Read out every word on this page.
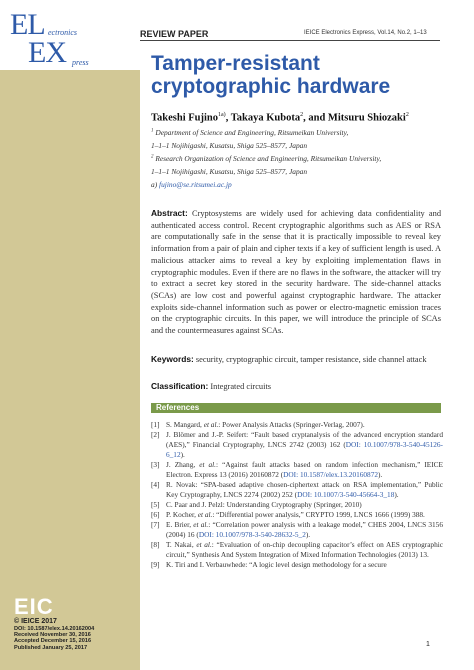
EL ectronics
EX press
EIC
© IEICE 2017
DOI: 10.1587/elex.14.20162004
Received November 30, 2016
Accepted December 15, 2016
Published January 25, 2017
REVIEW PAPER	IEICE Electronics Express, Vol.14, No.2, 1–13
Tamper-resistant cryptographic hardware
Takeshi Fujino$^{1a)}$, Takaya Kubota$^2$, and Mitsuru Shiozaki$^2$
$^1$ Department of Science and Engineering, Ritsumeikan University,
1–1–1 Nojihigashi, Kusatsu, Shiga 525–8577, Japan
$^2$ Research Organization of Science and Engineering, Ritsumeikan University,
1–1–1 Nojihigashi, Kusatsu, Shiga 525–8577, Japan
a) fujino@se.ritsumei.ac.jp
Abstract: Cryptosystems are widely used for achieving data confidentiality and authenticated access control. Recent cryptographic algorithms such as AES or RSA are computationally safe in the sense that it is practically impossible to reveal key information from a pair of plain and cipher texts if a key of sufficient length is used. A malicious attacker aims to reveal a key by exploiting implementation flaws in cryptographic modules. Even if there are no flaws in the software, the attacker will try to extract a secret key stored in the security hardware. The side-channel attacks (SCAs) are low cost and powerful against cryptographic hardware. The attacker exploits side-channel information such as power or electro-magnetic emission traces on the cryptographic circuits. In this paper, we will introduce the principle of SCAs and the countermeasures against SCAs.
Keywords: security, cryptographic circuit, tamper resistance, side channel attack
Classification: Integrated circuits
References
[1] S. Mangard, et al.: Power Analysis Attacks (Springer-Verlag, 2007).
[2] J. Blömer and J.-P. Seifert: “Fault based cryptanalysis of the advanced encryption standard (AES),” Financial Cryptography, LNCS 2742 (2003) 162 (DOI: 10.1007/978-3-540-45126-6_12).
[3] J. Zhang, et al.: “Against fault attacks based on random infection mechanism,” IEICE Electron. Express 13 (2016) 20160872 (DOI: 10.1587/elex.13.20160872).
[4] R. Novak: “SPA-based adaptive chosen-ciphertext attack on RSA implementation,” Public Key Cryptography, LNCS 2274 (2002) 252 (DOI: 10.1007/3-540-45664-3_18).
[5] C. Paar and J. Pelzl: Understanding Cryptography (Springer, 2010)
[6] P. Kocher, et al.: “Differential power analysis,” CRYPTO 1999, LNCS 1666 (1999) 388.
[7] E. Brier, et al.: “Correlation power analysis with a leakage model,” CHES 2004, LNCS 3156 (2004) 16 (DOI: 10.1007/978-3-540-28632-5_2).
[8] T. Nakai, et al.: “Evaluation of on-chip decoupling capacitor’s effect on AES cryptographic circuit,” Synthesis And System Integration of Mixed Information Technologies (2013) 13.
[9] K. Tiri and I. Verbauwhede: “A logic level design methodology for a secure
1
